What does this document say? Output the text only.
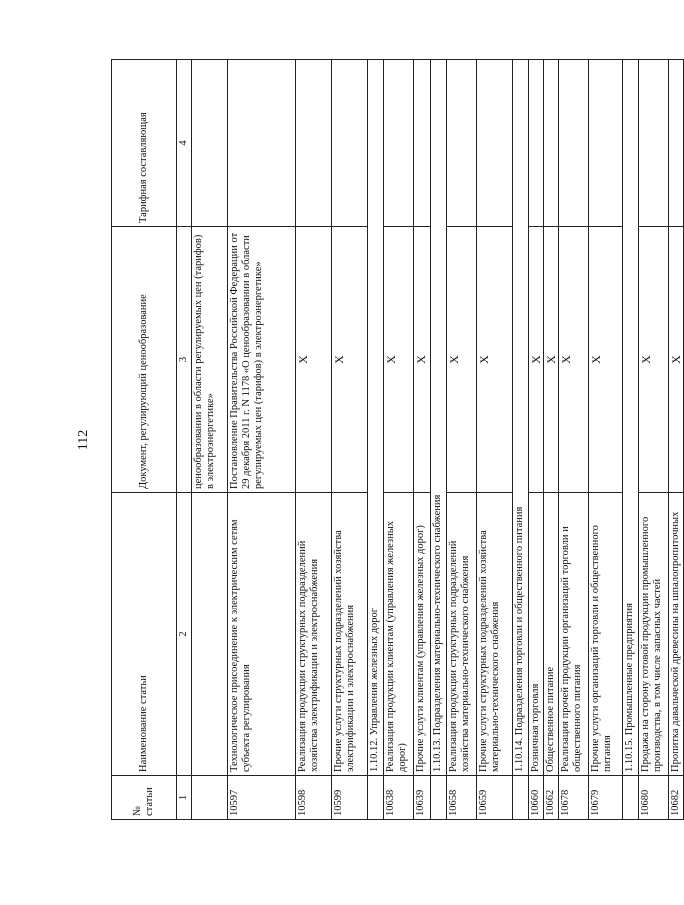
112
№ статьи	Наименование статьи	Документ, регулирующий ценообразование	Тарифная составляющая
1	2	3	4
		ценообразовании в области регулируемых цен (тарифов) в электроэнергетике»	
10597	Технологическое присоединение к электрическим сетям субъекта регулирования	Постановление Правительства Российской Федерации от 29 декабря 2011 г. N 1178 «О ценообразовании в области регулируемых цен (тарифов) в электроэнергетике»	
10598	Реализация продукции структурных подразделений хозяйства электрификации и электроснабжения	X	
10599	Прочие услуги структурных подразделений хозяйства электрификации и электроснабжения	X	
	1.10.12. Управления железных дорог		
10638	Реализация продукции клиентам (управления железных дорог)	X	
10639	Прочие услуги клиентам (управления железных дорог)	X	
	1.10.13. Подразделения материально-технического снабжения		
10658	Реализация продукции структурных подразделений хозяйства материально-технического снабжения	X	
10659	Прочие услуги структурных подразделений хозяйства материально-технического снабжения	X	
	1.10.14. Подразделения торговли и общественного питания		
10660	Розничная торговля	X	
10662	Общественное питание	X	
10678	Реализация прочей продукции организаций торговли и общественного питания	X	
10679	Прочие услуги организаций торговли и общественного питания	X	
	1.10.15. Промышленные предприятия		
10680	Продажа на сторону готовой продукции промышленного производства, в том числе запасных частей	X	
10682	Пропитка давальческой древесины на шпалопропиточных	X	
